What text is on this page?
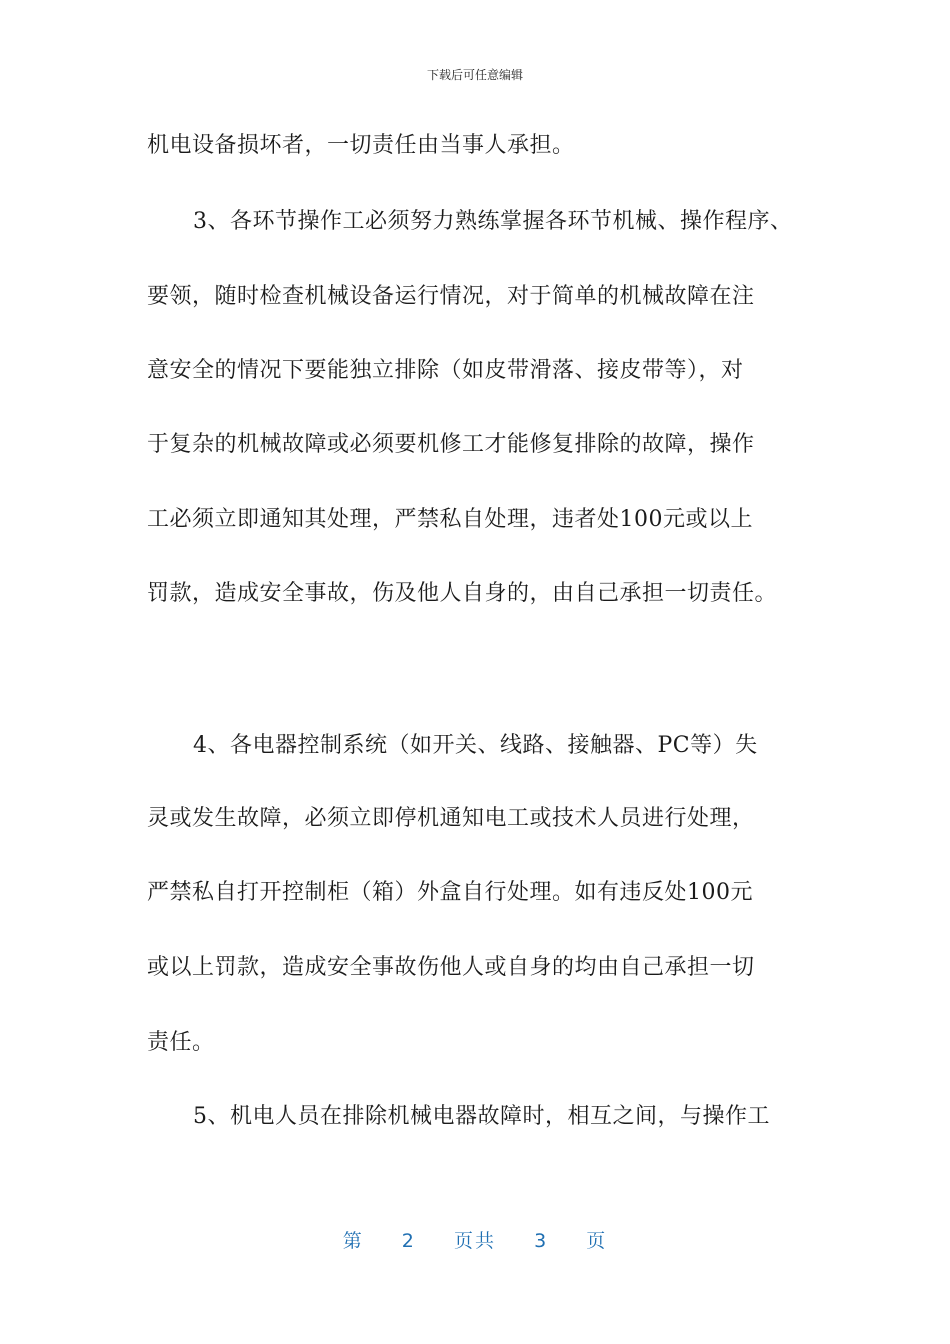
下载后可任意编辑
机电设备损坏者，一切责任由当事人承担。
3、各环节操作工必须努力熟练掌握各环节机械、操作程序、
要领，随时检查机械设备运行情况，对于简单的机械故障在注
意安全的情况下要能独立排除（如皮带滑落、接皮带等），对
于复杂的机械故障或必须要机修工才能修复排除的故障，操作
工必须立即通知其处理，严禁私自处理，违者处100元或以上
罚款，造成安全事故，伤及他人自身的，由自己承担一切责任。
4、各电器控制系统（如开关、线路、接触器、PC等）失
灵或发生故障，必须立即停机通知电工或技术人员进行处理，
严禁私自打开控制柜（箱）外盒自行处理。如有违反处100元
或以上罚款，造成安全事故伤他人或自身的均由自己承担一切
责任。
5、机电人员在排除机械电器故障时，相互之间，与操作工
第 2 页共 3 页
